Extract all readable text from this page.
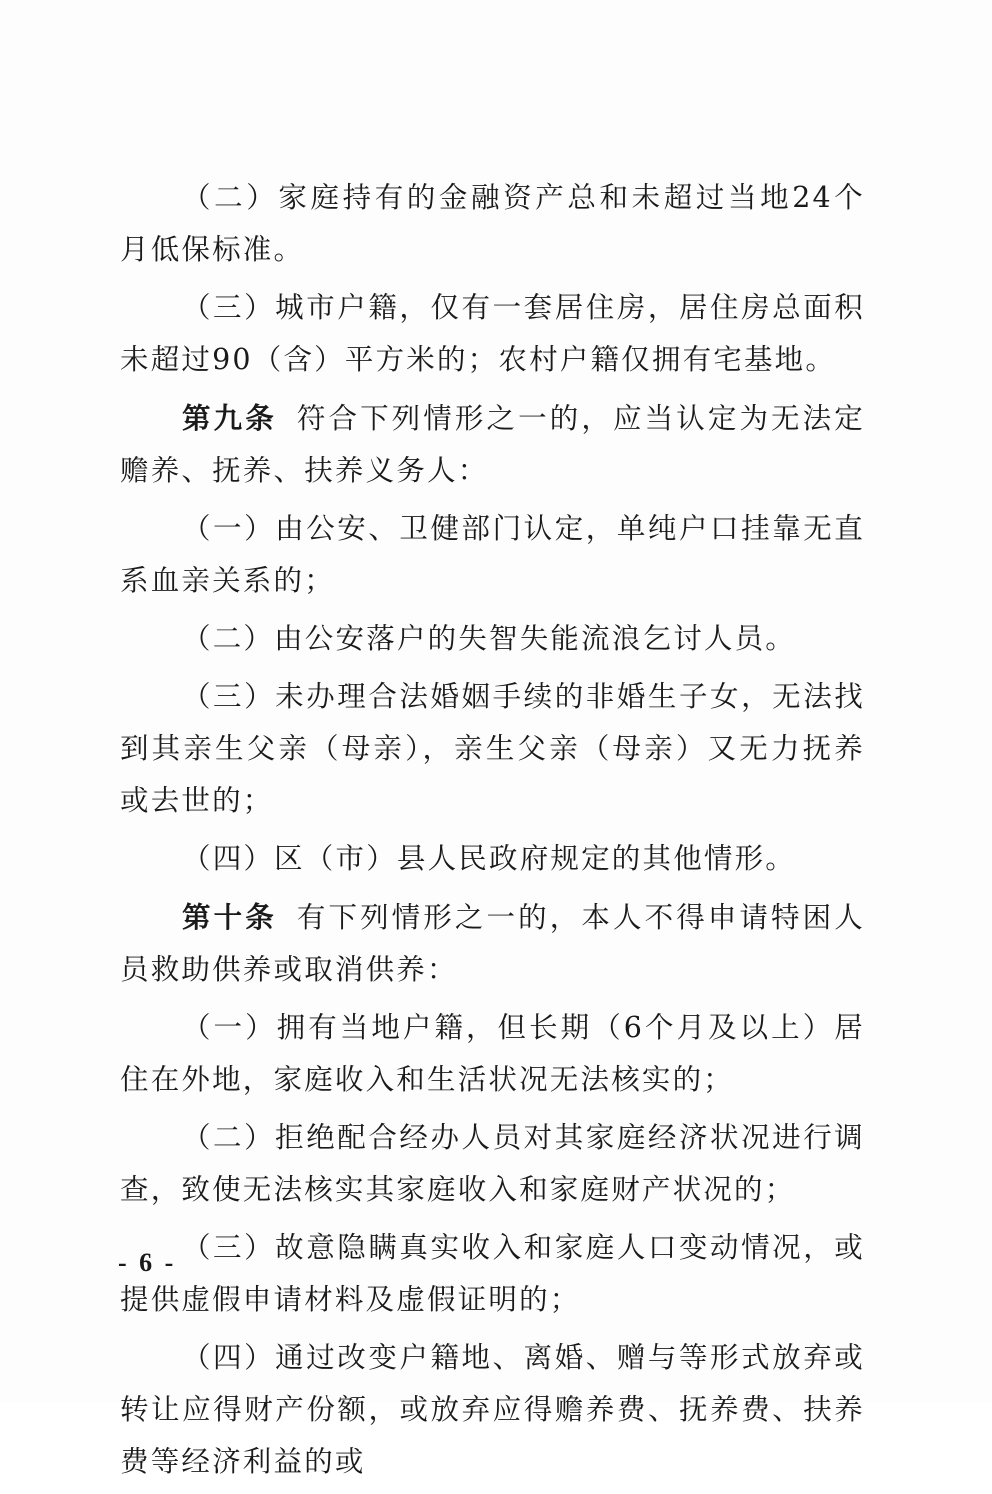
（二）家庭持有的金融资产总和未超过当地24个月低保标准。

（三）城市户籍，仅有一套居住房，居住房总面积未超过90（含）平方米的；农村户籍仅拥有宅基地。

第九条 符合下列情形之一的，应当认定为无法定赡养、抚养、扶养义务人：

（一）由公安、卫健部门认定，单纯户口挂靠无直系血亲关系的；

（二）由公安落户的失智失能流浪乞讨人员。

（三）未办理合法婚姻手续的非婚生子女，无法找到其亲生父亲（母亲），亲生父亲（母亲）又无力抚养或去世的；

（四）区（市）县人民政府规定的其他情形。

第十条 有下列情形之一的，本人不得申请特困人员救助供养或取消供养：

（一）拥有当地户籍，但长期（6个月及以上）居住在外地，家庭收入和生活状况无法核实的；

（二）拒绝配合经办人员对其家庭经济状况进行调查，致使无法核实其家庭收入和家庭财产状况的；

（三）故意隐瞒真实收入和家庭人口变动情况，或提供虚假申请材料及虚假证明的；

（四）通过改变户籍地、离婚、赠与等形式放弃或转让应得财产份额，或放弃应得赡养费、抚养费、扶养费等经济利益的或

- 6 -
